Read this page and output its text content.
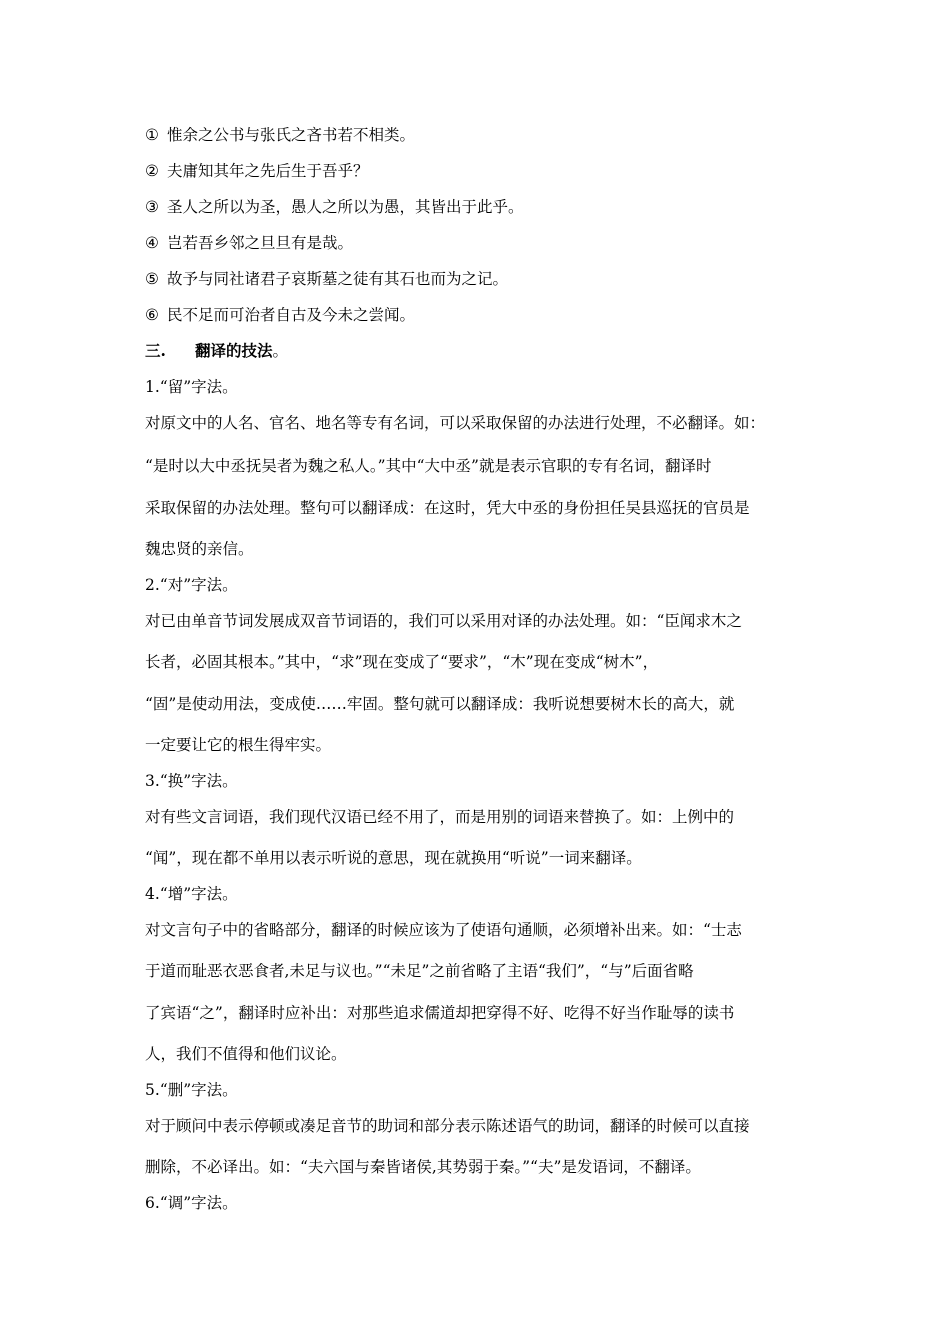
① 惟余之公书与张氏之吝书若不相类。
② 夫庸知其年之先后生于吾乎？
③ 圣人之所以为圣，愚人之所以为愚，其皆出于此乎。
④ 岂若吾乡邻之旦旦有是哉。
⑤ 故予与同社诸君子哀斯墓之徒有其石也而为之记。
⑥ 民不足而可治者自古及今未之尝闻。
三. 翻译的技法。
1.“留”字法。
对原文中的人名、官名、地名等专有名词，可以采取保留的办法进行处理，不必翻译。如：
“是时以大中丞抚吴者为魏之私人。”其中“大中丞”就是表示官职的专有名词，翻译时
采取保留的办法处理。整句可以翻译成：在这时，凭大中丞的身份担任吴县巡抚的官员是
魏忠贤的亲信。
2.“对”字法。
对已由单音节词发展成双音节词语的，我们可以采用对译的办法处理。如：“臣闻求木之
长者，必固其根本。”其中，“求”现在变成了“要求”，“木”现在变成“树木”，
“固”是使动用法，变成使……牢固。整句就可以翻译成：我听说想要树木长的高大，就
一定要让它的根生得牢实。
3.“换”字法。
对有些文言词语，我们现代汉语已经不用了，而是用别的词语来替换了。如：上例中的
“闻”，现在都不单用以表示听说的意思，现在就换用“听说”一词来翻译。
4.“增”字法。
对文言句子中的省略部分，翻译的时候应该为了使语句通顺，必须增补出来。如：“士志
于道而耻恶衣恶食者,未足与议也。”“未足”之前省略了主语“我们”，“与”后面省略
了宾语“之”，翻译时应补出：对那些追求儒道却把穿得不好、吃得不好当作耻辱的读书
人，我们不值得和他们议论。
5.“删”字法。
对于顾问中表示停顿或凑足音节的助词和部分表示陈述语气的助词，翻译的时候可以直接
删除，不必译出。如：“夫六国与秦皆诸侯,其势弱于秦。”“夫”是发语词，不翻译。
6.“调”字法。
